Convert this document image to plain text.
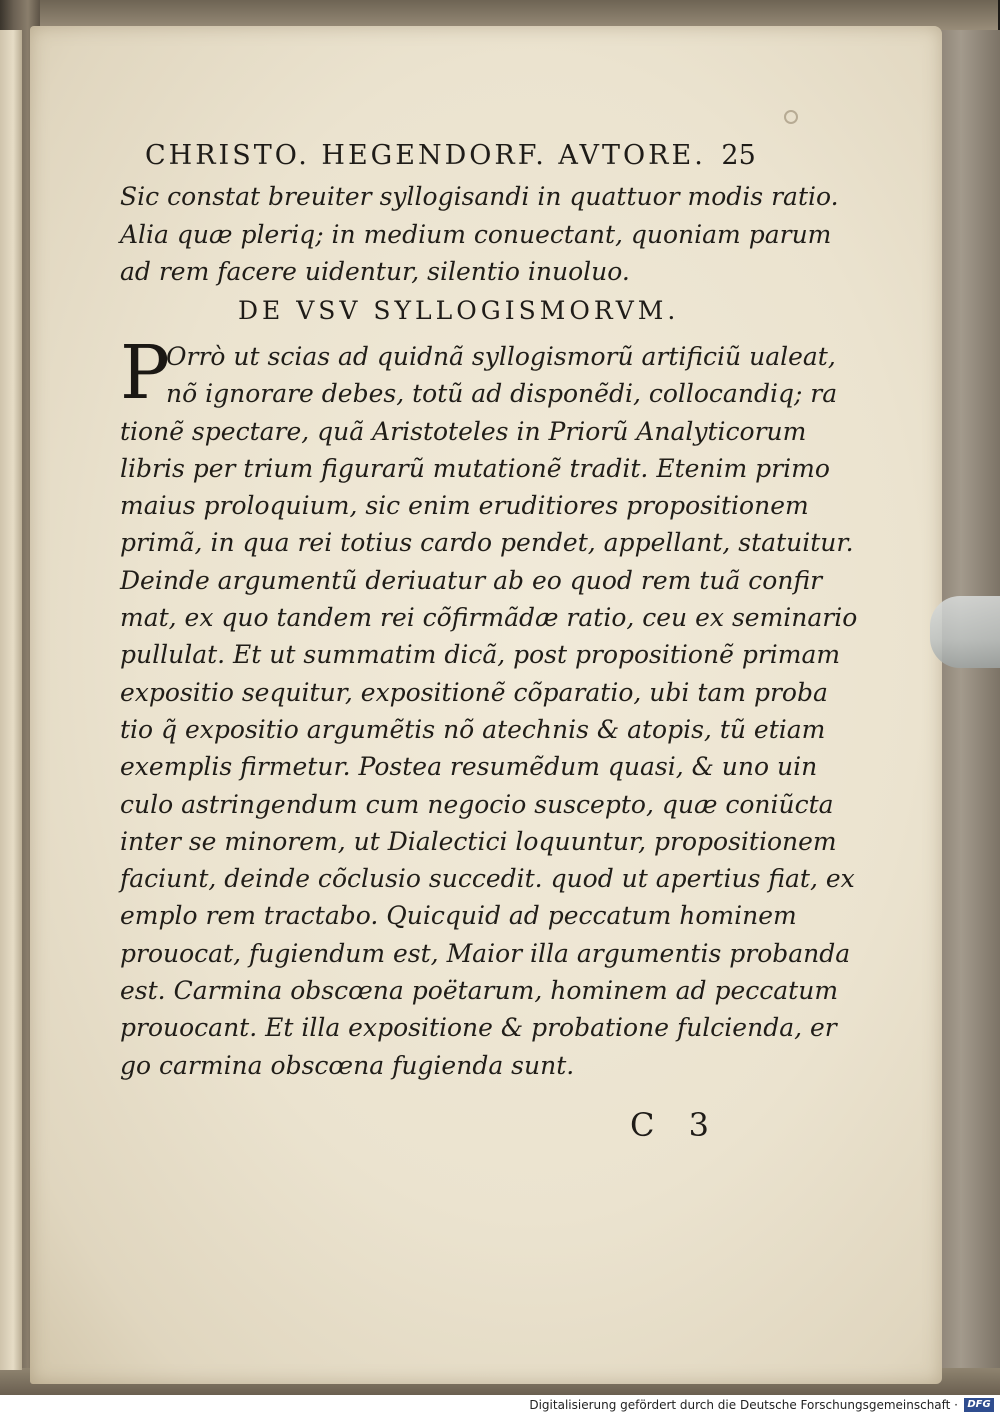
CHRISTO. HEGENDORF. AVTORE. 25
Sic constat breuiter syllogisandi in quattuor modis ratio.
Alia quæ pleriq; in medium conuectant, quoniam parum
ad rem facere uidentur, silentio inuoluo.
DE VSV SYLLOGISMORVM.
P
Orrò ut scias ad quidnã syllogismorũ artificiũ ualeat,
nõ ignorare debes, totũ ad disponẽdi, collocandiq; ra
tionẽ spectare, quã Aristoteles in Priorũ Analyticorum
libris per trium figurarũ mutationẽ tradit. Etenim primo
maius proloquium, sic enim eruditiores propositionem
primã, in qua rei totius cardo pendet, appellant, statuitur.
Deinde argumentũ deriuatur ab eo quod rem tuã confir
mat, ex quo tandem rei cõfirmãdæ ratio, ceu ex seminario
pullulat. Et ut summatim dicã, post propositionẽ primam
expositio sequitur, expositionẽ cõparatio, ubi tam proba
tio q̃ expositio argumẽtis nõ atechnis & atopis, tũ etiam
exemplis firmetur. Postea resumẽdum quasi, & uno uin
culo astringendum cum negocio suscepto, quæ coniũcta
inter se minorem, ut Dialectici loquuntur, propositionem
faciunt, deinde cõclusio succedit. quod ut apertius fiat, ex
emplo rem tractabo. Quicquid ad peccatum hominem
prouocat, fugiendum est, Maior illa argumentis probanda
est. Carmina obscœna poëtarum, hominem ad peccatum
prouocant. Et illa expositione & probatione fulcienda, er
go carmina obscœna fugienda sunt.
C 3
Digitalisierung gefördert durch die Deutsche Forschungsgemeinschaft · DFG
